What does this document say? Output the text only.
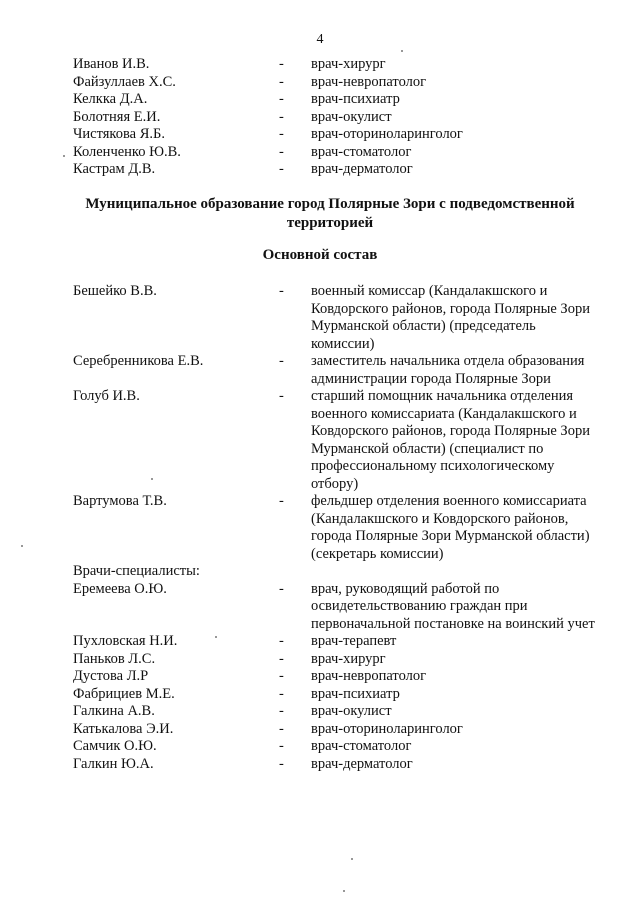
4
Иванов И.В.	- врач-хирург
Файзуллаев Х.С.	- врач-невропатолог
Келкка Д.А.	- врач-психиатр
Болотняя Е.И.	- врач-окулист
Чистякова Я.Б.	- врач-оториноларинголог
Коленченко Ю.В.	- врач-стоматолог
Кастрам Д.В.	- врач-дерматолог
Муниципальное образование город Полярные Зори с подведомственной территорией
Основной состав
Бешейко В.В.	- военный комиссар (Кандалакшского и Ковдорского районов, города Полярные Зори Мурманской области) (председатель комиссии)
Серебренникова Е.В.	- заместитель начальника отдела образования администрации города Полярные Зори
Голуб И.В.	- старший помощник начальника отделения военного комиссариата (Кандалакшского и Ковдорского районов, города Полярные Зори Мурманской области) (специалист по профессиональному психологическому отбору)
Вартумова Т.В.	- фельдшер отделения военного комиссариата (Кандалакшского и Ковдорского районов, города Полярные Зори Мурманской области) (секретарь комиссии)
Врачи-специалисты:
Еремеева О.Ю.	- врач, руководящий работой по освидетельствованию граждан при первоначальной постановке на воинский учет
Пухловская Н.И.	- врач-терапевт
Паньков Л.С.	- врач-хирург
Дустова Л.Р	- врач-невропатолог
Фабрициев М.Е.	- врач-психиатр
Галкина А.В.	- врач-окулист
Катькалова Э.И.	- врач-оториноларинголог
Самчик О.Ю.	- врач-стоматолог
Галкин Ю.А.	- врач-дерматолог
